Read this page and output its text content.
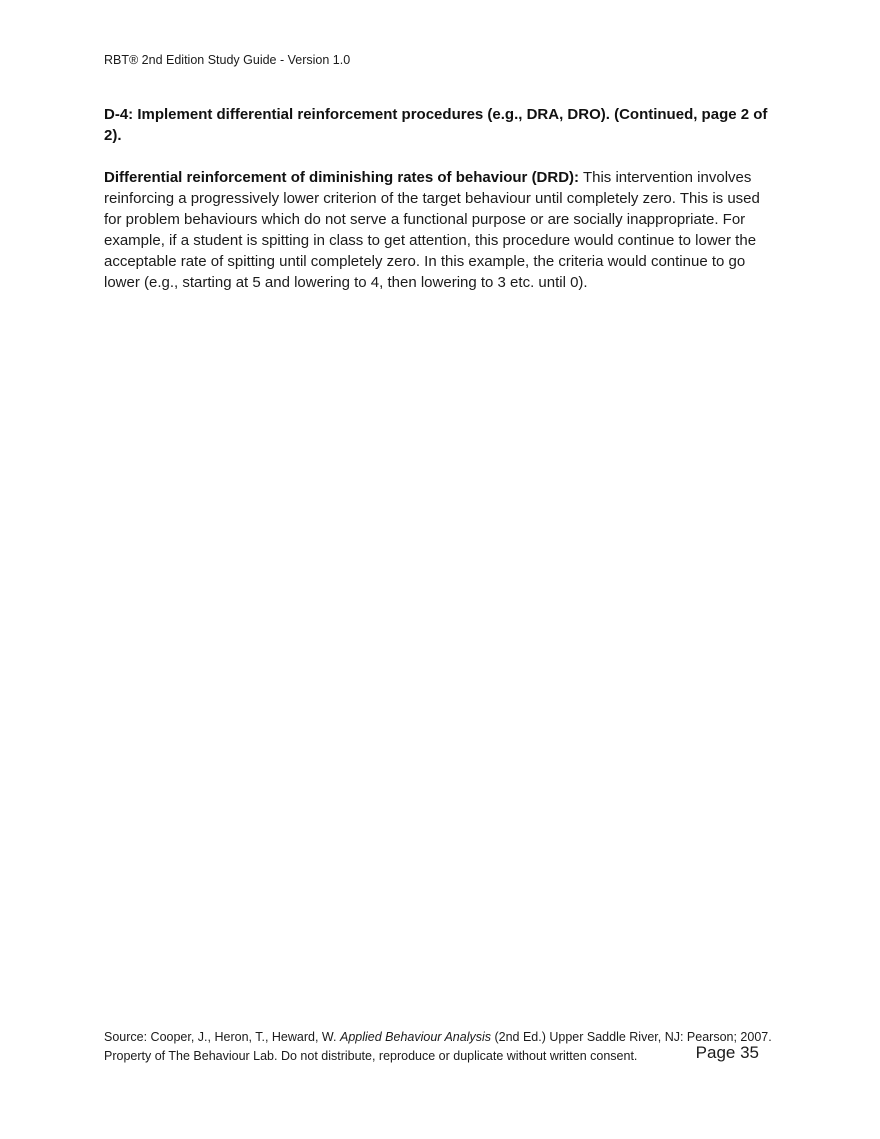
RBT® 2nd Edition Study Guide - Version 1.0
D-4: Implement differential reinforcement procedures (e.g., DRA, DRO). (Continued, page 2 of 2).
Differential reinforcement of diminishing rates of behaviour (DRD): This intervention involves reinforcing a progressively lower criterion of the target behaviour until completely zero. This is used for problem behaviours which do not serve a functional purpose or are socially inappropriate. For example, if a student is spitting in class to get attention, this procedure would continue to lower the acceptable rate of spitting until completely zero. In this example, the criteria would continue to go lower (e.g., starting at 5 and lowering to 4, then lowering to 3 etc. until 0).
Source: Cooper, J., Heron, T., Heward, W. Applied Behaviour Analysis (2nd Ed.) Upper Saddle River, NJ: Pearson; 2007.
Property of The Behaviour Lab. Do not distribute, reproduce or duplicate without written consent.	Page 35
